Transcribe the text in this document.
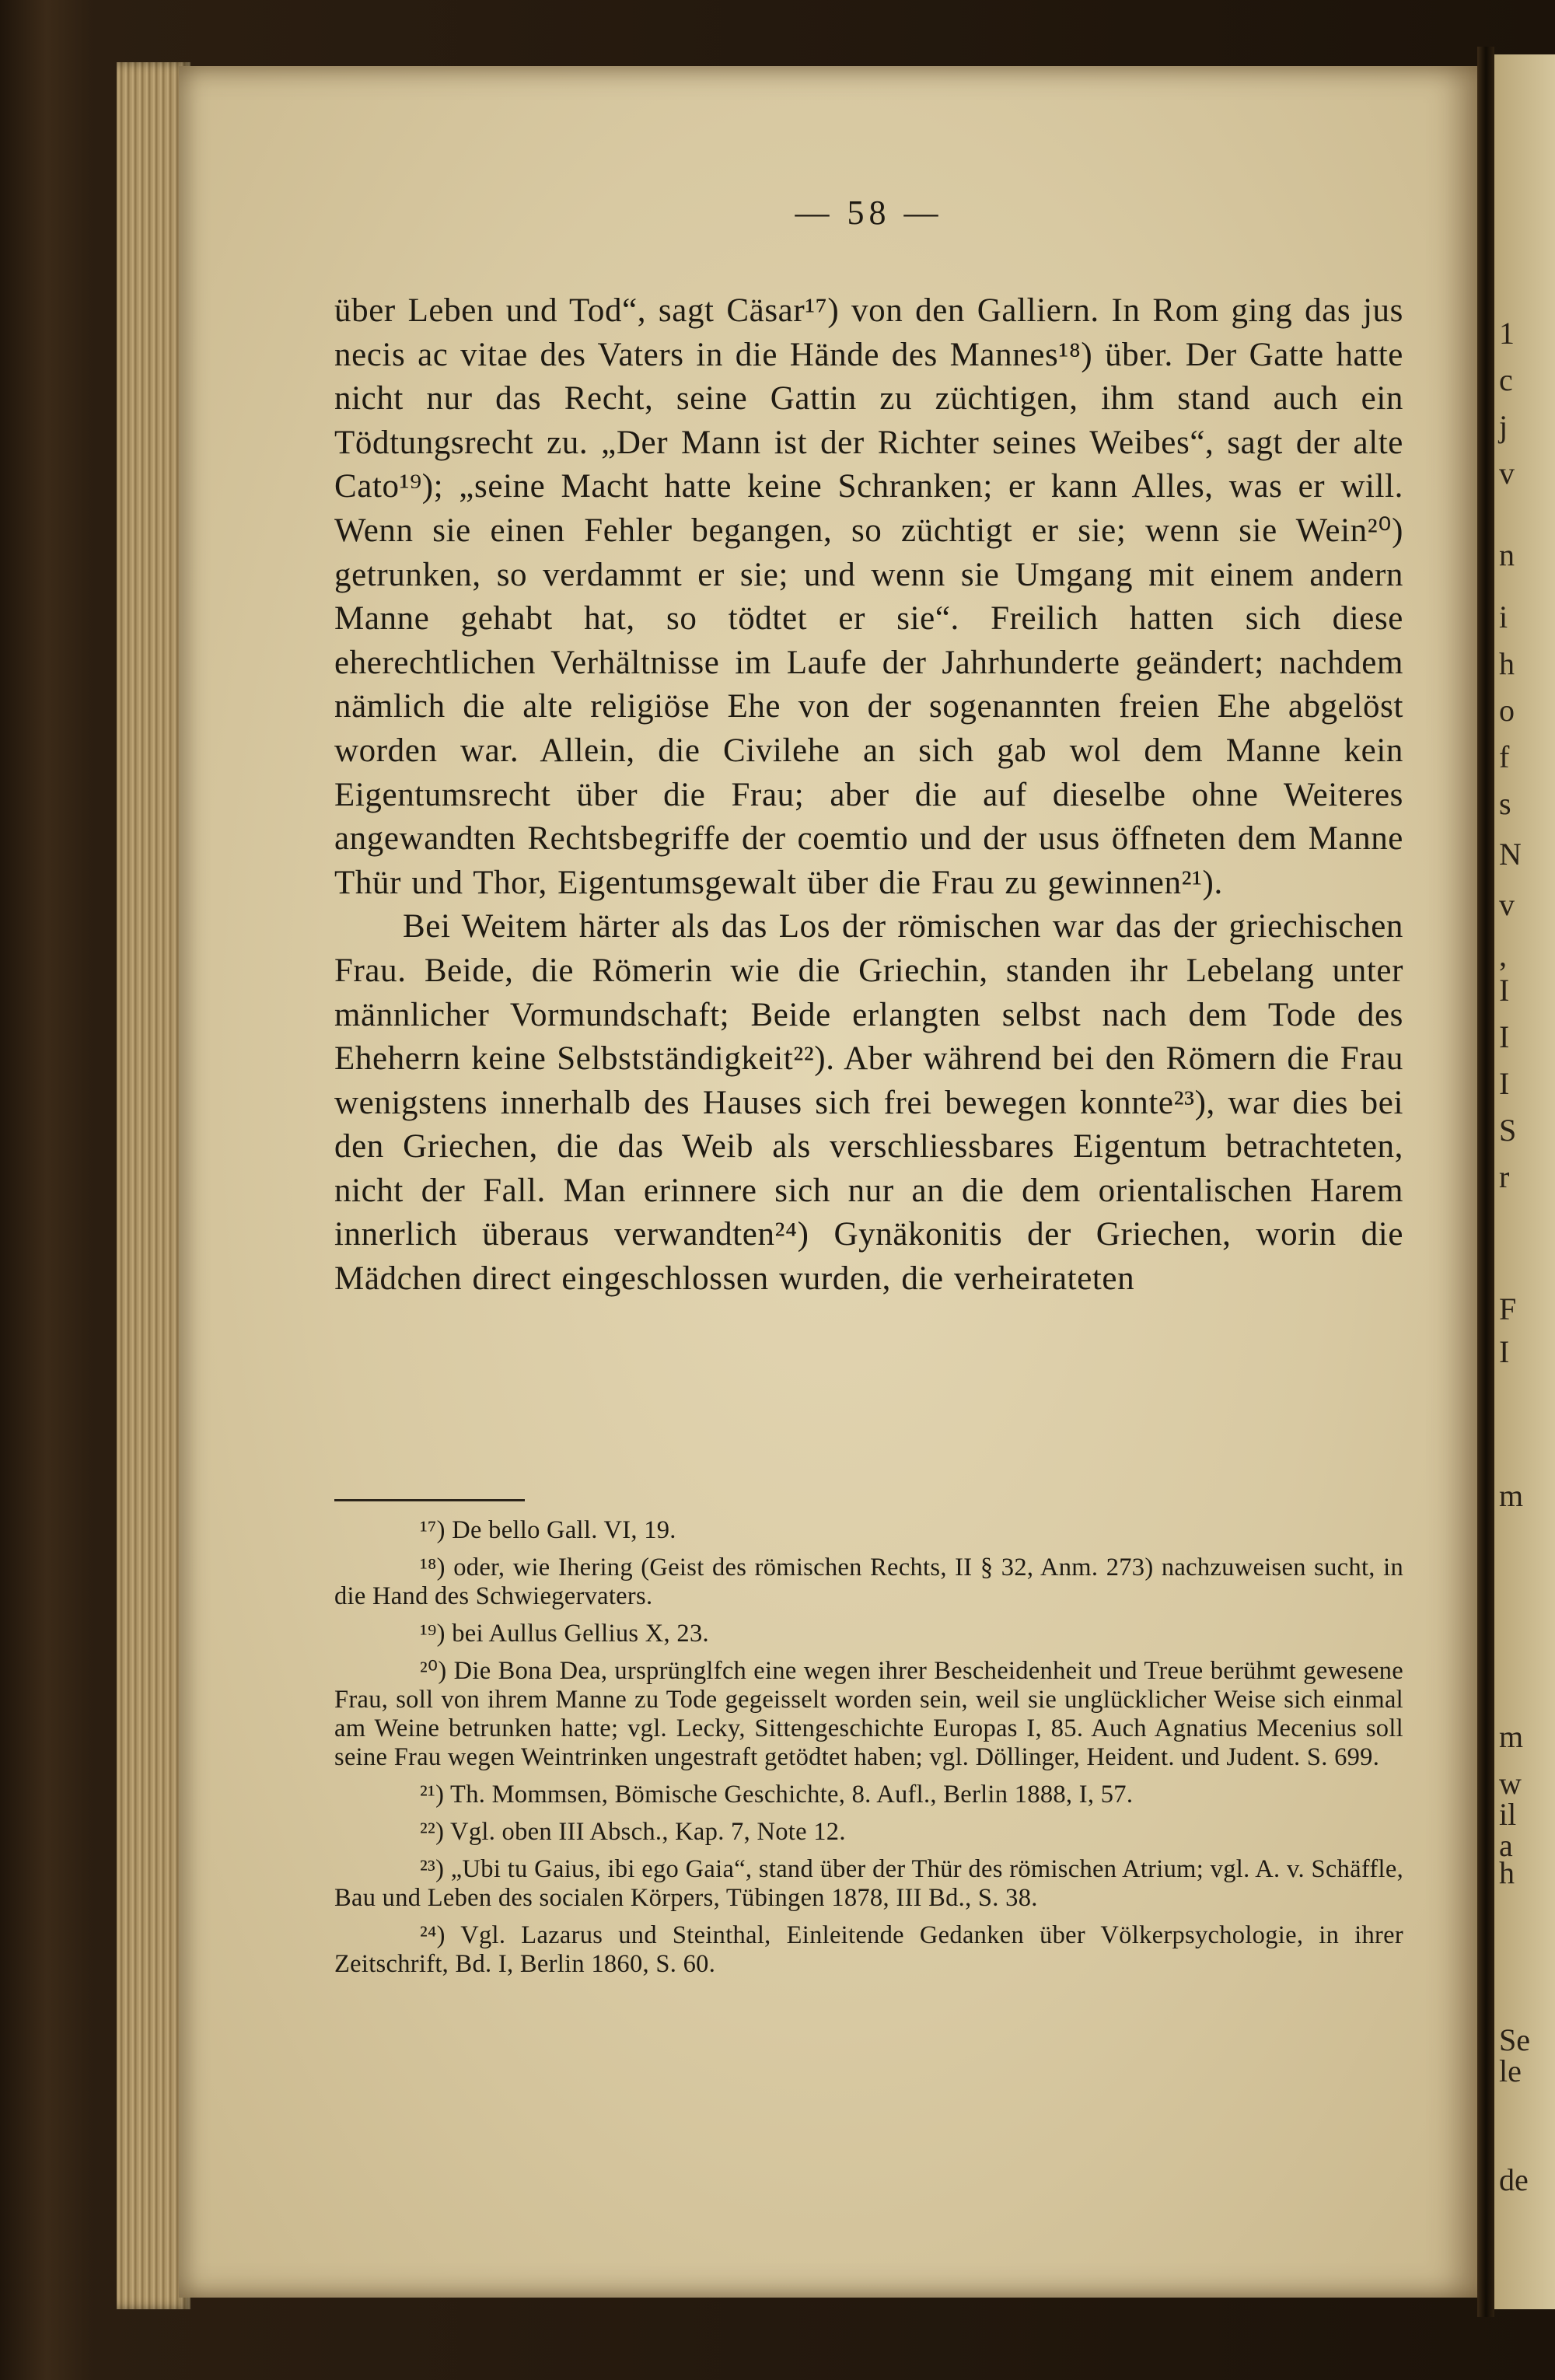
1
c
j
v
n
i
h
o
f
s
N
v
,
I
I
I
S
r
F
I
m
m
w
il
a
h
Se
le
de
— 58 —

über Leben und Tod“, sagt Cäsar¹⁷) von den Galliern. In Rom ging das jus necis ac vitae des Vaters in die Hände des Mannes¹⁸) über. Der Gatte hatte nicht nur das Recht, seine Gattin zu züchtigen, ihm stand auch ein Tödtungsrecht zu. „Der Mann ist der Richter seines Weibes“, sagt der alte Cato¹⁹); „seine Macht hatte keine Schranken; er kann Alles, was er will. Wenn sie einen Fehler begangen, so züchtigt er sie; wenn sie Wein²⁰) getrunken, so verdammt er sie; und wenn sie Umgang mit einem andern Manne gehabt hat, so tödtet er sie“. Freilich hatten sich diese eherechtlichen Verhältnisse im Laufe der Jahrhunderte geändert; nachdem nämlich die alte religiöse Ehe von der sogenannten freien Ehe abgelöst worden war. Allein, die Civilehe an sich gab wol dem Manne kein Eigentumsrecht über die Frau; aber die auf dieselbe ohne Weiteres angewandten Rechtsbegriffe der coemtio und der usus öffneten dem Manne Thür und Thor, Eigentumsgewalt über die Frau zu gewinnen²¹).

Bei Weitem härter als das Los der römischen war das der griechischen Frau. Beide, die Römerin wie die Griechin, standen ihr Lebelang unter männlicher Vormundschaft; Beide erlangten selbst nach dem Tode des Eheherrn keine Selbstständigkeit²²). Aber während bei den Römern die Frau wenigstens innerhalb des Hauses sich frei bewegen konnte²³), war dies bei den Griechen, die das Weib als verschliessbares Eigentum betrachteten, nicht der Fall. Man erinnere sich nur an die dem orientalischen Harem innerlich überaus verwandten²⁴) Gynäkonitis der Griechen, worin die Mädchen direct eingeschlossen wurden, die verheirateten

¹⁷) De bello Gall. VI, 19.

¹⁸) oder, wie Ihering (Geist des römischen Rechts, II § 32, Anm. 273) nachzuweisen sucht, in die Hand des Schwiegervaters.

¹⁹) bei Aullus Gellius X, 23.

²⁰) Die Bona Dea, ursprünglfch eine wegen ihrer Bescheidenheit und Treue berühmt gewesene Frau, soll von ihrem Manne zu Tode gegeisselt worden sein, weil sie unglücklicher Weise sich einmal am Weine betrunken hatte; vgl. Lecky, Sittengeschichte Europas I, 85. Auch Agnatius Mecenius soll seine Frau wegen Weintrinken ungestraft getödtet haben; vgl. Döllinger, Heident. und Judent. S. 699.

²¹) Th. Mommsen, Bömische Geschichte, 8. Aufl., Berlin 1888, I, 57.

²²) Vgl. oben III Absch., Kap. 7, Note 12.

²³) „Ubi tu Gaius, ibi ego Gaia“, stand über der Thür des römischen Atrium; vgl. A. v. Schäffle, Bau und Leben des socialen Körpers, Tübingen 1878, III Bd., S. 38.

²⁴) Vgl. Lazarus und Steinthal, Einleitende Gedanken über Völkerpsychologie, in ihrer Zeitschrift, Bd. I, Berlin 1860, S. 60.
